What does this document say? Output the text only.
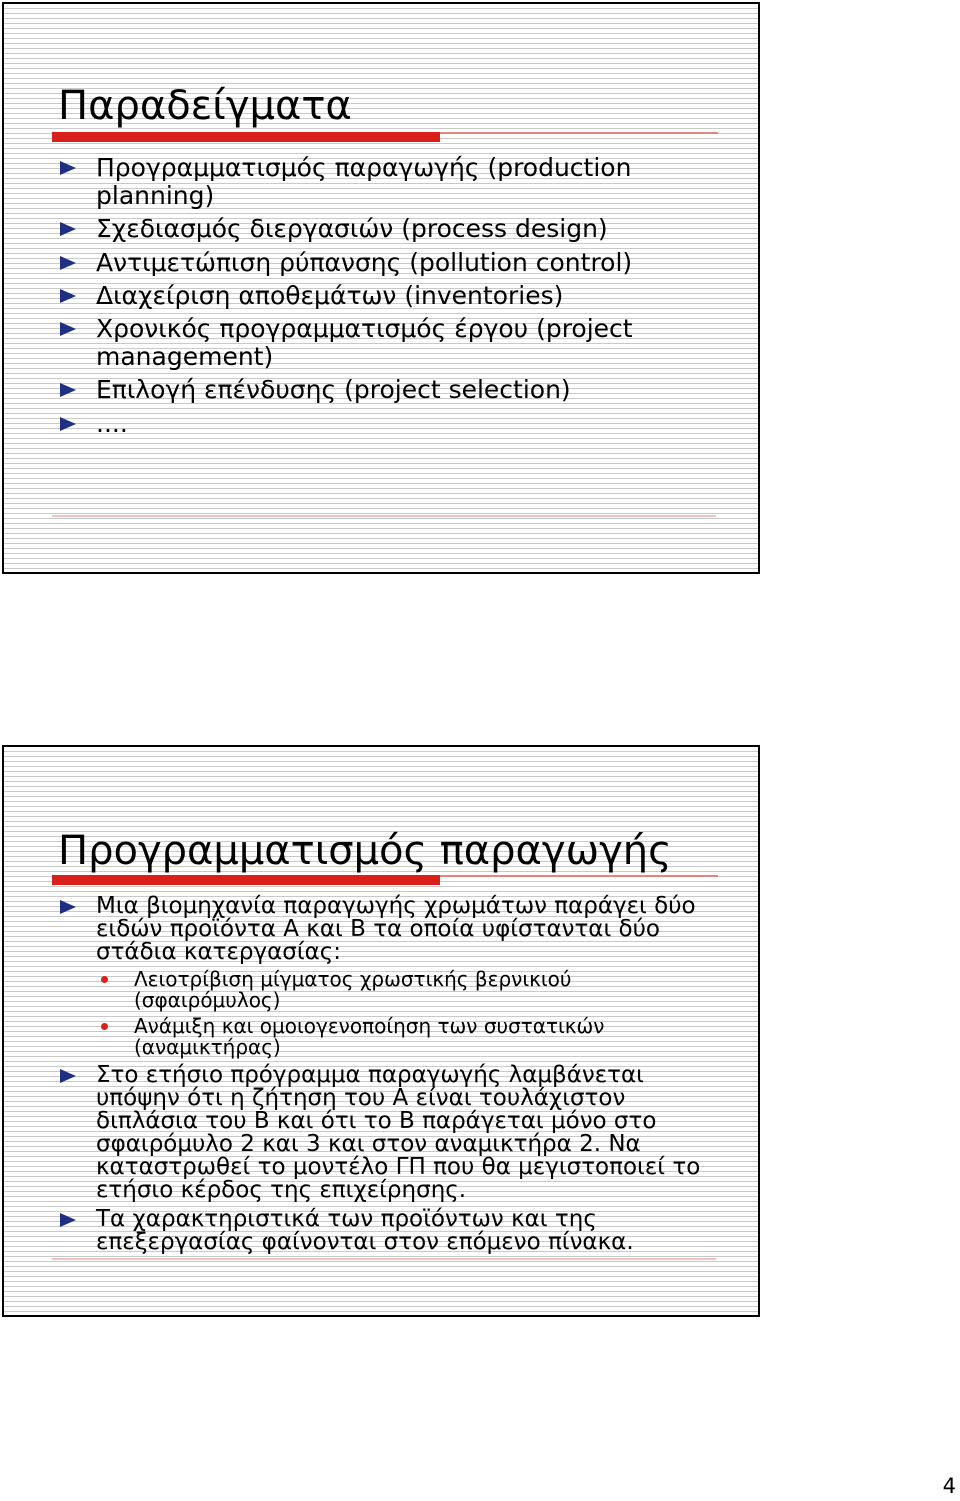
Παραδείγματα
Προγραμματισμός παραγωγής (production planning)
Σχεδιασμός διεργασιών (process design)
Αντιμετώπιση ρύπανσης (pollution control)
Διαχείριση αποθεμάτων (inventories)
Χρονικός προγραμματισμός έργου (project management)
Επιλογή επένδυσης (project selection)
....
Προγραμματισμός παραγωγής
Μια βιομηχανία παραγωγής χρωμάτων παράγει δύο ειδών προϊόντα Α και Β τα οποία υφίστανται δύο στάδια κατεργασίας:
Λειοτρίβιση μίγματος χρωστικής βερνικιού (σφαιρόμυλος)
Ανάμιξη και ομοιογενοποίηση των συστατικών (αναμικτήρας)
Στο ετήσιο πρόγραμμα παραγωγής λαμβάνεται υπόψην ότι η ζήτηση του Α είναι τουλάχιστον διπλάσια του Β και ότι το Β παράγεται μόνο στο σφαιρόμυλο 2 και 3 και στον αναμικτήρα 2. Να καταστρωθεί το μοντέλο ΓΠ που θα μεγιστοποιεί το ετήσιο κέρδος της επιχείρησης.
Τα χαρακτηριστικά των προϊόντων και της επεξεργασίας φαίνονται στον επόμενο πίνακα.
4
